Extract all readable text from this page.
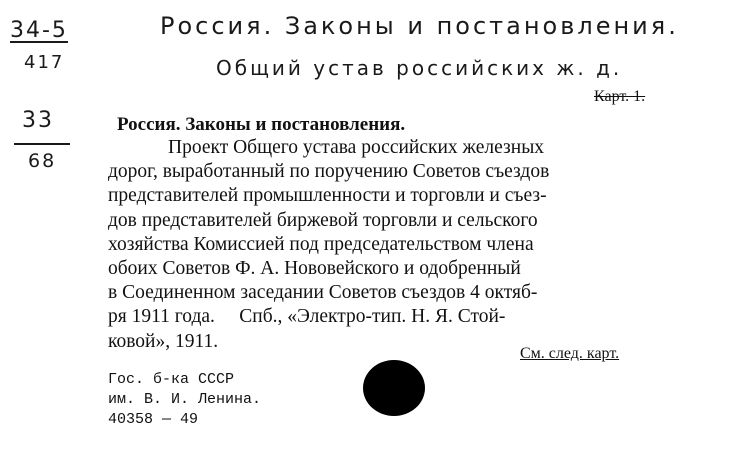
34-5
417
33
68
Россия. Законы и постановления.
Общий устав российских ж. д.
Карт. 1.
Россия. Законы и постановления.
Проект Общего устава российских железных
дорог, выработанный по поручению Советов съездов
представителей промышленности и торговли и съез-
дов представителей биржевой торговли и сельского
хозяйства Комиссией под председательством члена
обоих Советов Ф. А. Нововейского и одобренный
в Соединенном заседании Советов съездов 4 октяб-
ря 1911 года.     Спб., «Электро-тип. Н. Я. Стой-
ковой», 1911.
См. след. карт.
Гос. б-ка СССР
им. В. И. Ленина.
40358 — 49
